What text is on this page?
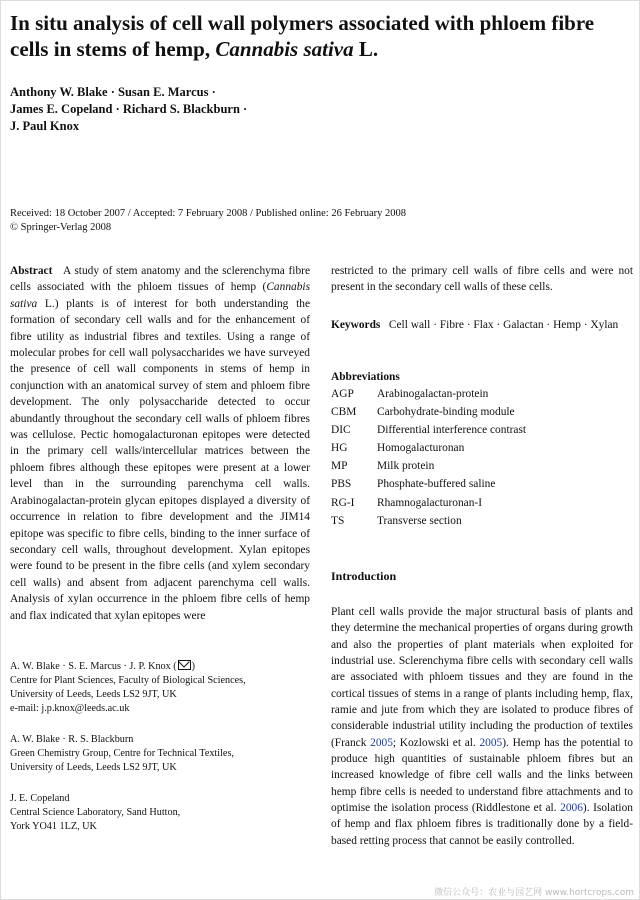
In situ analysis of cell wall polymers associated with phloem fibre cells in stems of hemp, Cannabis sativa L.
Anthony W. Blake · Susan E. Marcus ·
James E. Copeland · Richard S. Blackburn ·
J. Paul Knox
Received: 18 October 2007 / Accepted: 7 February 2008 / Published online: 26 February 2008
© Springer-Verlag 2008
Abstract A study of stem anatomy and the sclerenchyma fibre cells associated with the phloem tissues of hemp (Cannabis sativa L.) plants is of interest for both understanding the formation of secondary cell walls and for the enhancement of fibre utility as industrial fibres and textiles. Using a range of molecular probes for cell wall polysaccharides we have surveyed the presence of cell wall components in stems of hemp in conjunction with an anatomical survey of stem and phloem fibre development. The only polysaccharide detected to occur abundantly throughout the secondary cell walls of phloem fibres was cellulose. Pectic homogalacturonan epitopes were detected in the primary cell walls/intercellular matrices between the phloem fibres although these epitopes were present at a lower level than in the surrounding parenchyma cell walls. Arabinogalactan-protein glycan epitopes displayed a diversity of occurrence in relation to fibre development and the JIM14 epitope was specific to fibre cells, binding to the inner surface of secondary cell walls, throughout development. Xylan epitopes were found to be present in the fibre cells (and xylem secondary cell walls) and absent from adjacent parenchyma cell walls. Analysis of xylan occurrence in the phloem fibre cells of hemp and flax indicated that xylan epitopes were
A. W. Blake · S. E. Marcus · J. P. Knox ( )
Centre for Plant Sciences, Faculty of Biological Sciences,
University of Leeds, Leeds LS2 9JT, UK
e-mail: j.p.knox@leeds.ac.uk
A. W. Blake · R. S. Blackburn
Green Chemistry Group, Centre for Technical Textiles,
University of Leeds, Leeds LS2 9JT, UK
J. E. Copeland
Central Science Laboratory, Sand Hutton,
York YO41 1LZ, UK
restricted to the primary cell walls of fibre cells and were not present in the secondary cell walls of these cells.
Keywords Cell wall · Fibre · Flax · Galactan · Hemp · Xylan
Abbreviations
AGP	Arabinogalactan-protein
CBM	Carbohydrate-binding module
DIC	Differential interference contrast
HG	Homogalacturonan
MP	Milk protein
PBS	Phosphate-buffered saline
RG-I	Rhamnogalacturonan-I
TS	Transverse section
Introduction
Plant cell walls provide the major structural basis of plants and they determine the mechanical properties of organs during growth and also the properties of plant materials when exploited for industrial use. Sclerenchyma fibre cells with secondary cell walls are associated with phloem tissues and they are found in the cortical tissues of stems in a range of plants including hemp, flax, ramie and jute from which they are isolated to produce fibres of considerable industrial utility including the production of textiles (Franck 2005; Kozlowski et al. 2005). Hemp has the potential to produce high quantities of sustainable phloem fibres but an increased knowledge of fibre cell walls and the links between hemp fibre cells is needed to understand fibre attachments and to optimise the isolation process (Riddlestone et al. 2006). Isolation of hemp and flax phloem fibres is traditionally done by a field-based retting process that cannot be easily controlled.
微信公众号：农业与园艺网 www.hortcrops.com
